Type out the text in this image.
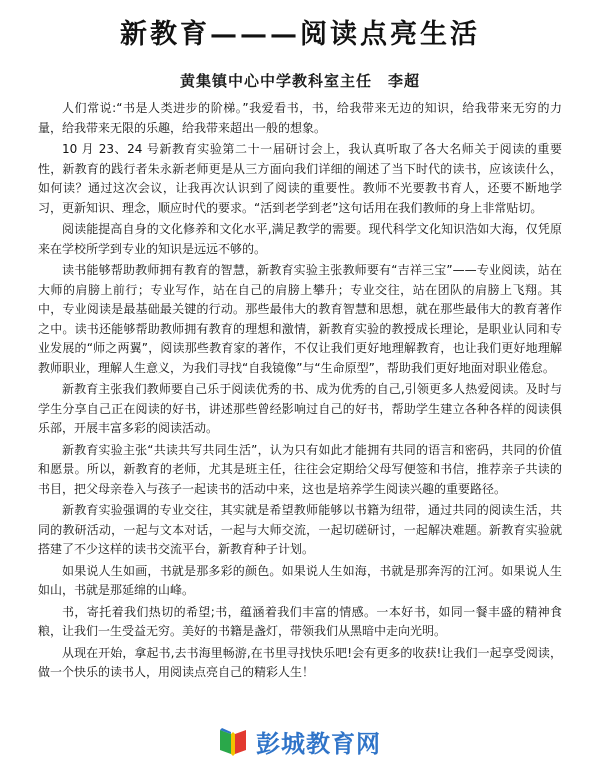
新教育———阅读点亮生活
黄集镇中心中学教科室主任　李超

人们常说:“书是人类进步的阶梯。”我爱看书，书，给我带来无边的知识，给我带来无穷的力量，给我带来无限的乐趣，给我带来超出一般的想象。

10 月 23、24 号新教育实验第二十一届研讨会上，我认真听取了各大名师关于阅读的重要性，新教育的践行者朱永新老师更是从三方面向我们详细的阐述了当下时代的读书，应该读什么，如何读？通过这次会议，让我再次认识到了阅读的重要性。教师不光要教书育人，还要不断地学习，更新知识、理念，顺应时代的要求。“活到老学到老”这句话用在我们教师的身上非常贴切。

阅读能提高自身的文化修养和文化水平,满足教学的需要。现代科学文化知识浩如大海，仅凭原来在学校所学到专业的知识是远远不够的。

读书能够帮助教师拥有教育的智慧，新教育实验主张教师要有“吉祥三宝”——专业阅读，站在大师的肩膀上前行；专业写作，站在自己的肩膀上攀升；专业交往，站在团队的肩膀上飞翔。其中，专业阅读是最基础最关键的行动。那些最伟大的教育智慧和思想，就在那些最伟大的教育著作之中。读书还能够帮助教师拥有教育的理想和激情，新教育实验的教授成长理论，是职业认同和专业发展的“师之两翼”，阅读那些教育家的著作，不仅让我们更好地理解教育，也让我们更好地理解教师职业，理解人生意义，为我们寻找“自我镜像”与“生命原型”，帮助我们更好地面对职业倦怠。

新教育主张我们教师要自己乐于阅读优秀的书、成为优秀的自己,引领更多人热爱阅读。及时与学生分享自己正在阅读的好书，讲述那些曾经影响过自己的好书，帮助学生建立各种各样的阅读俱乐部，开展丰富多彩的阅读活动。

新教育实验主张“共读共写共同生活”，认为只有如此才能拥有共同的语言和密码，共同的价值和愿景。所以，新教育的老师，尤其是班主任，往往会定期给父母写便签和书信，推荐亲子共读的书目，把父母亲卷入与孩子一起读书的活动中来，这也是培养学生阅读兴趣的重要路径。

新教育实验强调的专业交往，其实就是希望教师能够以书籍为纽带，通过共同的阅读生活，共同的教研活动，一起与文本对话，一起与大师交流，一起切磋研讨，一起解决难题。新教育实验就搭建了不少这样的读书交流平台，新教育种子计划。

如果说人生如画，书就是那多彩的颜色。如果说人生如海，书就是那奔泻的江河。如果说人生如山，书就是那延绵的山峰。

书，寄托着我们热切的希望;书，蕴涵着我们丰富的情感。一本好书，如同一餐丰盛的精神食粮，让我们一生受益无穷。美好的书籍是盏灯，带领我们从黑暗中走向光明。

从现在开始，拿起书,去书海里畅游,在书里寻找快乐吧!会有更多的收获!让我们一起享受阅读，做一个快乐的读书人，用阅读点亮自己的精彩人生！

彭城教育网
